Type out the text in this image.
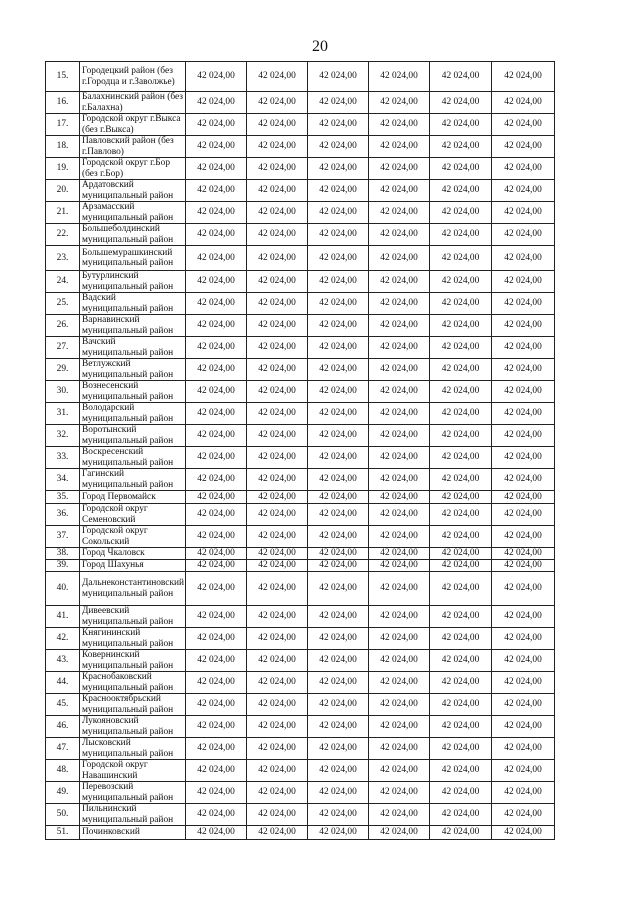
20
15.	Городецкий район (без г.Городца и г.Заволжье)	42 024,00	42 024,00	42 024,00	42 024,00	42 024,00	42 024,00
16.	Балахнинский район (без г.Балахна)	42 024,00	42 024,00	42 024,00	42 024,00	42 024,00	42 024,00
17.	Городской округ г.Выкса (без г.Выкса)	42 024,00	42 024,00	42 024,00	42 024,00	42 024,00	42 024,00
18.	Павловский район (без г.Павлово)	42 024,00	42 024,00	42 024,00	42 024,00	42 024,00	42 024,00
19.	Городской округ г.Бор (без г.Бор)	42 024,00	42 024,00	42 024,00	42 024,00	42 024,00	42 024,00
20.	Ардатовский муниципальный район	42 024,00	42 024,00	42 024,00	42 024,00	42 024,00	42 024,00
21.	Арзамасский муниципальный район	42 024,00	42 024,00	42 024,00	42 024,00	42 024,00	42 024,00
22.	Большеболдинский муниципальный район	42 024,00	42 024,00	42 024,00	42 024,00	42 024,00	42 024,00
23.	Большемурашкинский муниципальный район	42 024,00	42 024,00	42 024,00	42 024,00	42 024,00	42 024,00
24.	Бутурлинский муниципальный район	42 024,00	42 024,00	42 024,00	42 024,00	42 024,00	42 024,00
25.	Вадский муниципальный район	42 024,00	42 024,00	42 024,00	42 024,00	42 024,00	42 024,00
26.	Варнавинский муниципальный район	42 024,00	42 024,00	42 024,00	42 024,00	42 024,00	42 024,00
27.	Вачский муниципальный район	42 024,00	42 024,00	42 024,00	42 024,00	42 024,00	42 024,00
29.	Ветлужский муниципальный район	42 024,00	42 024,00	42 024,00	42 024,00	42 024,00	42 024,00
30.	Вознесенский муниципальный район	42 024,00	42 024,00	42 024,00	42 024,00	42 024,00	42 024,00
31.	Володарский муниципальный район	42 024,00	42 024,00	42 024,00	42 024,00	42 024,00	42 024,00
32.	Воротынский муниципальный район	42 024,00	42 024,00	42 024,00	42 024,00	42 024,00	42 024,00
33.	Воскресенский муниципальный район	42 024,00	42 024,00	42 024,00	42 024,00	42 024,00	42 024,00
34.	Гагинский муниципальный район	42 024,00	42 024,00	42 024,00	42 024,00	42 024,00	42 024,00
35.	Город Первомайск	42 024,00	42 024,00	42 024,00	42 024,00	42 024,00	42 024,00
36.	Городской округ Семеновский	42 024,00	42 024,00	42 024,00	42 024,00	42 024,00	42 024,00
37.	Городской округ Сокольский	42 024,00	42 024,00	42 024,00	42 024,00	42 024,00	42 024,00
38.	Город Чкаловск	42 024,00	42 024,00	42 024,00	42 024,00	42 024,00	42 024,00
39.	Город Шахунья	42 024,00	42 024,00	42 024,00	42 024,00	42 024,00	42 024,00
40.	Дальнеконстантиновский муниципальный район	42 024,00	42 024,00	42 024,00	42 024,00	42 024,00	42 024,00
41.	Дивеевский муниципальный район	42 024,00	42 024,00	42 024,00	42 024,00	42 024,00	42 024,00
42.	Княгининский муниципальный район	42 024,00	42 024,00	42 024,00	42 024,00	42 024,00	42 024,00
43.	Ковернинский муниципальный район	42 024,00	42 024,00	42 024,00	42 024,00	42 024,00	42 024,00
44.	Краснобаковский муниципальный район	42 024,00	42 024,00	42 024,00	42 024,00	42 024,00	42 024,00
45.	Краснооктябрьский муниципальный район	42 024,00	42 024,00	42 024,00	42 024,00	42 024,00	42 024,00
46.	Лукояновский муниципальный район	42 024,00	42 024,00	42 024,00	42 024,00	42 024,00	42 024,00
47.	Лысковский муниципальный район	42 024,00	42 024,00	42 024,00	42 024,00	42 024,00	42 024,00
48.	Городской округ Навашинский	42 024,00	42 024,00	42 024,00	42 024,00	42 024,00	42 024,00
49.	Перевозский муниципальный район	42 024,00	42 024,00	42 024,00	42 024,00	42 024,00	42 024,00
50.	Пильнинский муниципальный район	42 024,00	42 024,00	42 024,00	42 024,00	42 024,00	42 024,00
51.	Починковский	42 024,00	42 024,00	42 024,00	42 024,00	42 024,00	42 024,00
